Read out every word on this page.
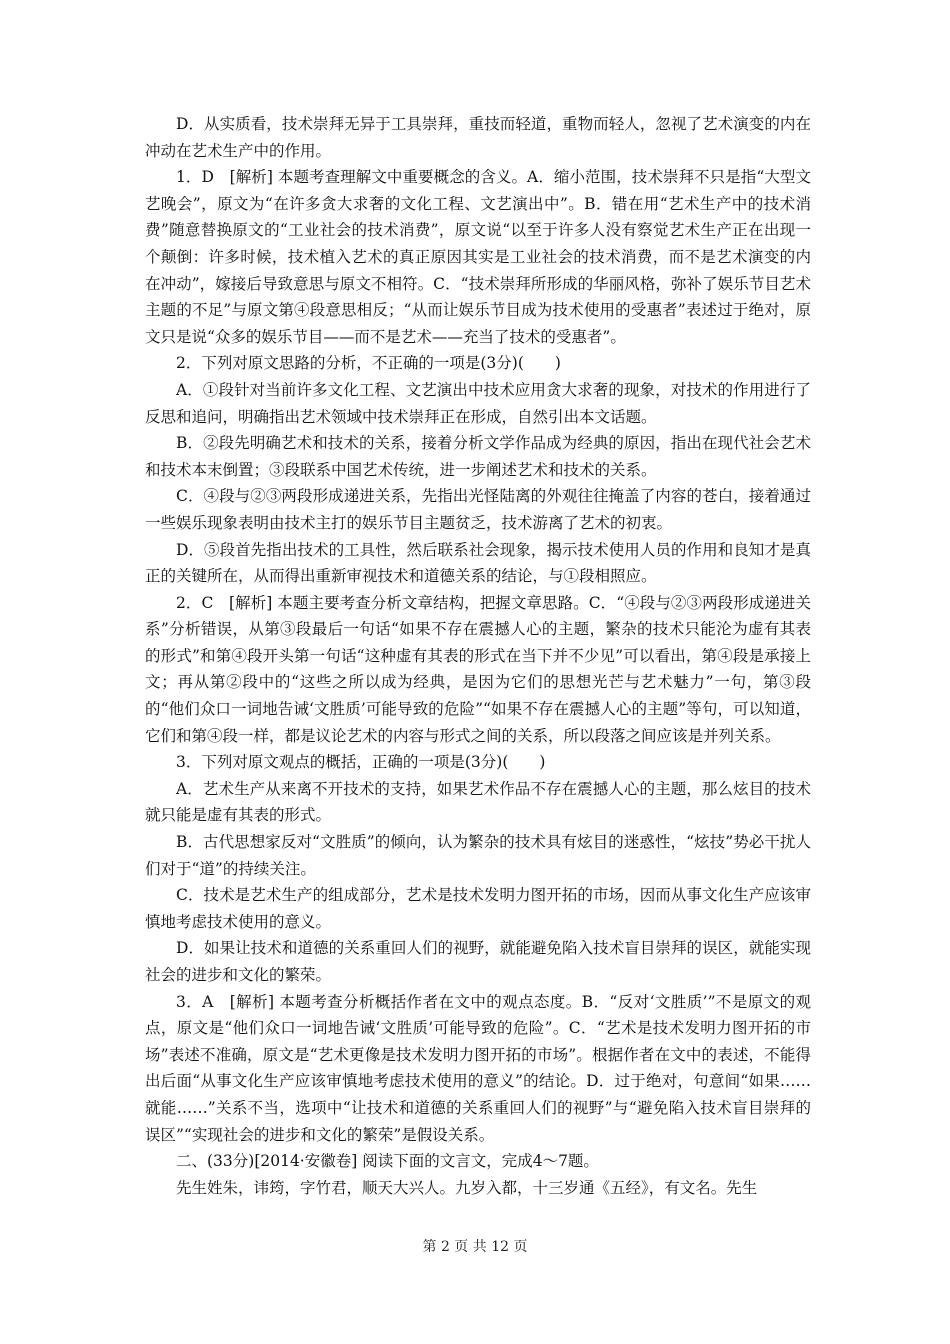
D．从实质看，技术崇拜无异于工具崇拜，重技而轻道，重物而轻人，忽视了艺术演变的内在冲动在艺术生产中的作用。

1．D　[解析] 本题考查理解文中重要概念的含义。A．缩小范围，技术崇拜不只是指“大型文艺晚会”，原文为“在许多贪大求奢的文化工程、文艺演出中”。B．错在用“艺术生产中的技术消费”随意替换原文的“工业社会的技术消费”，原文说“以至于许多人没有察觉艺术生产正在出现一个颠倒：许多时候，技术植入艺术的真正原因其实是工业社会的技术消费，而不是艺术演变的内在冲动”，嫁接后导致意思与原文不相符。C．“技术崇拜所形成的华丽风格，弥补了娱乐节目艺术主题的不足”与原文第④段意思相反；“从而让娱乐节目成为技术使用的受惠者”表述过于绝对，原文只是说“众多的娱乐节目——而不是艺术——充当了技术的受惠者”。

2．下列对原文思路的分析，不正确的一项是(3分)(　　)

A．①段针对当前许多文化工程、文艺演出中技术应用贪大求奢的现象，对技术的作用进行了反思和追问，明确指出艺术领域中技术崇拜正在形成，自然引出本文话题。

B．②段先明确艺术和技术的关系，接着分析文学作品成为经典的原因，指出在现代社会艺术和技术本末倒置；③段联系中国艺术传统，进一步阐述艺术和技术的关系。

C．④段与②③两段形成递进关系，先指出光怪陆离的外观往往掩盖了内容的苍白，接着通过一些娱乐现象表明由技术主打的娱乐节目主题贫乏，技术游离了艺术的初衷。

D．⑤段首先指出技术的工具性，然后联系社会现象，揭示技术使用人员的作用和良知才是真正的关键所在，从而得出重新审视技术和道德关系的结论，与①段相照应。

2．C　[解析] 本题主要考查分析文章结构，把握文章思路。C．“④段与②③两段形成递进关系”分析错误，从第③段最后一句话“如果不存在震撼人心的主题，繁杂的技术只能沦为虚有其表的形式”和第④段开头第一句话“这种虚有其表的形式在当下并不少见”可以看出，第④段是承接上文；再从第②段中的“这些之所以成为经典，是因为它们的思想光芒与艺术魅力”一句，第③段的“他们众口一词地告诫‘文胜质’可能导致的危险”“如果不存在震撼人心的主题”等句，可以知道，它们和第④段一样，都是议论艺术的内容与形式之间的关系，所以段落之间应该是并列关系。

3．下列对原文观点的概括，正确的一项是(3分)(　　)

A．艺术生产从来离不开技术的支持，如果艺术作品不存在震撼人心的主题，那么炫目的技术就只能是虚有其表的形式。

B．古代思想家反对“文胜质”的倾向，认为繁杂的技术具有炫目的迷惑性，“炫技”势必干扰人们对于“道”的持续关注。

C．技术是艺术生产的组成部分，艺术是技术发明力图开拓的市场，因而从事文化生产应该审慎地考虑技术使用的意义。

D．如果让技术和道德的关系重回人们的视野，就能避免陷入技术盲目崇拜的误区，就能实现社会的进步和文化的繁荣。

3．A　[解析] 本题考查分析概括作者在文中的观点态度。B．“反对‘文胜质’”不是原文的观点，原文是“他们众口一词地告诫‘文胜质’可能导致的危险”。C．“艺术是技术发明力图开拓的市场”表述不准确，原文是“艺术更像是技术发明力图开拓的市场”。根据作者在文中的表述，不能得出后面“从事文化生产应该审慎地考虑技术使用的意义”的结论。D．过于绝对，句意间“如果……就能……”关系不当，选项中“让技术和道德的关系重回人们的视野”与“避免陷入技术盲目崇拜的误区”“实现社会的进步和文化的繁荣”是假设关系。

二、(33分)[2014·安徽卷] 阅读下面的文言文，完成4～7题。

先生姓朱，讳筠，字竹君，顺天大兴人。九岁入都，十三岁通《五经》，有文名。先生

第 2 页 共 12 页
